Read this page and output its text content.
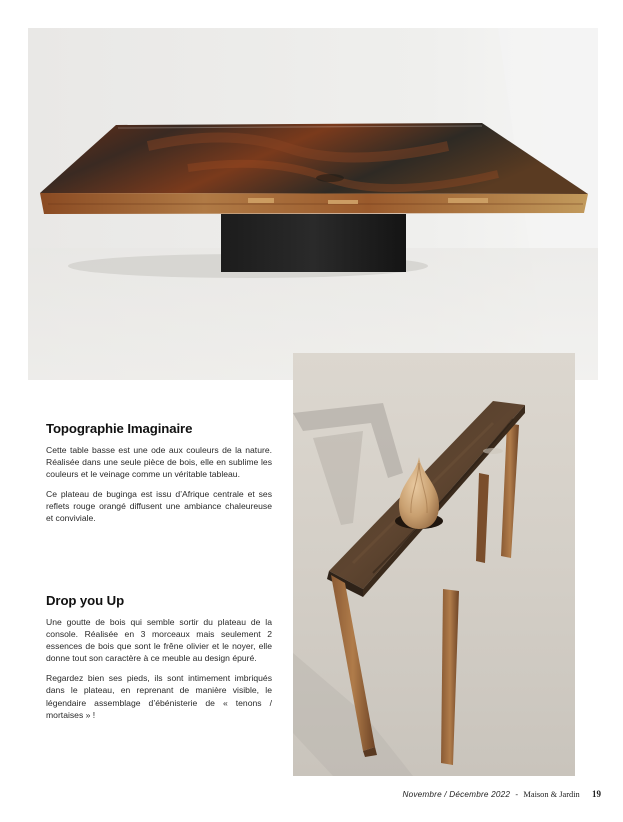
Topographie Imaginaire

Cette table basse est une ode aux couleurs de la nature. Réalisée dans une seule pièce de bois, elle en sublime les couleurs et le veinage comme un véritable tableau.

Ce plateau de buginga est issu d’Afrique centrale et ses reflets rouge orangé diffusent une ambiance chaleureuse et conviviale.

Drop you Up

Une goutte de bois qui semble sortir du plateau de la console. Réalisée en 3 morceaux mais seulement 2 essences de bois que sont le frêne olivier et le noyer, elle donne tout son caractère à ce meuble au design épuré.

Regardez bien ses pieds, ils sont intimement imbriqués dans le plateau, en reprenant de manière visible, le légendaire assemblage d’ébénisterie de « tenons / mortaises » !

Novembre / Décembre 2022 - Maison & Jardin 19
